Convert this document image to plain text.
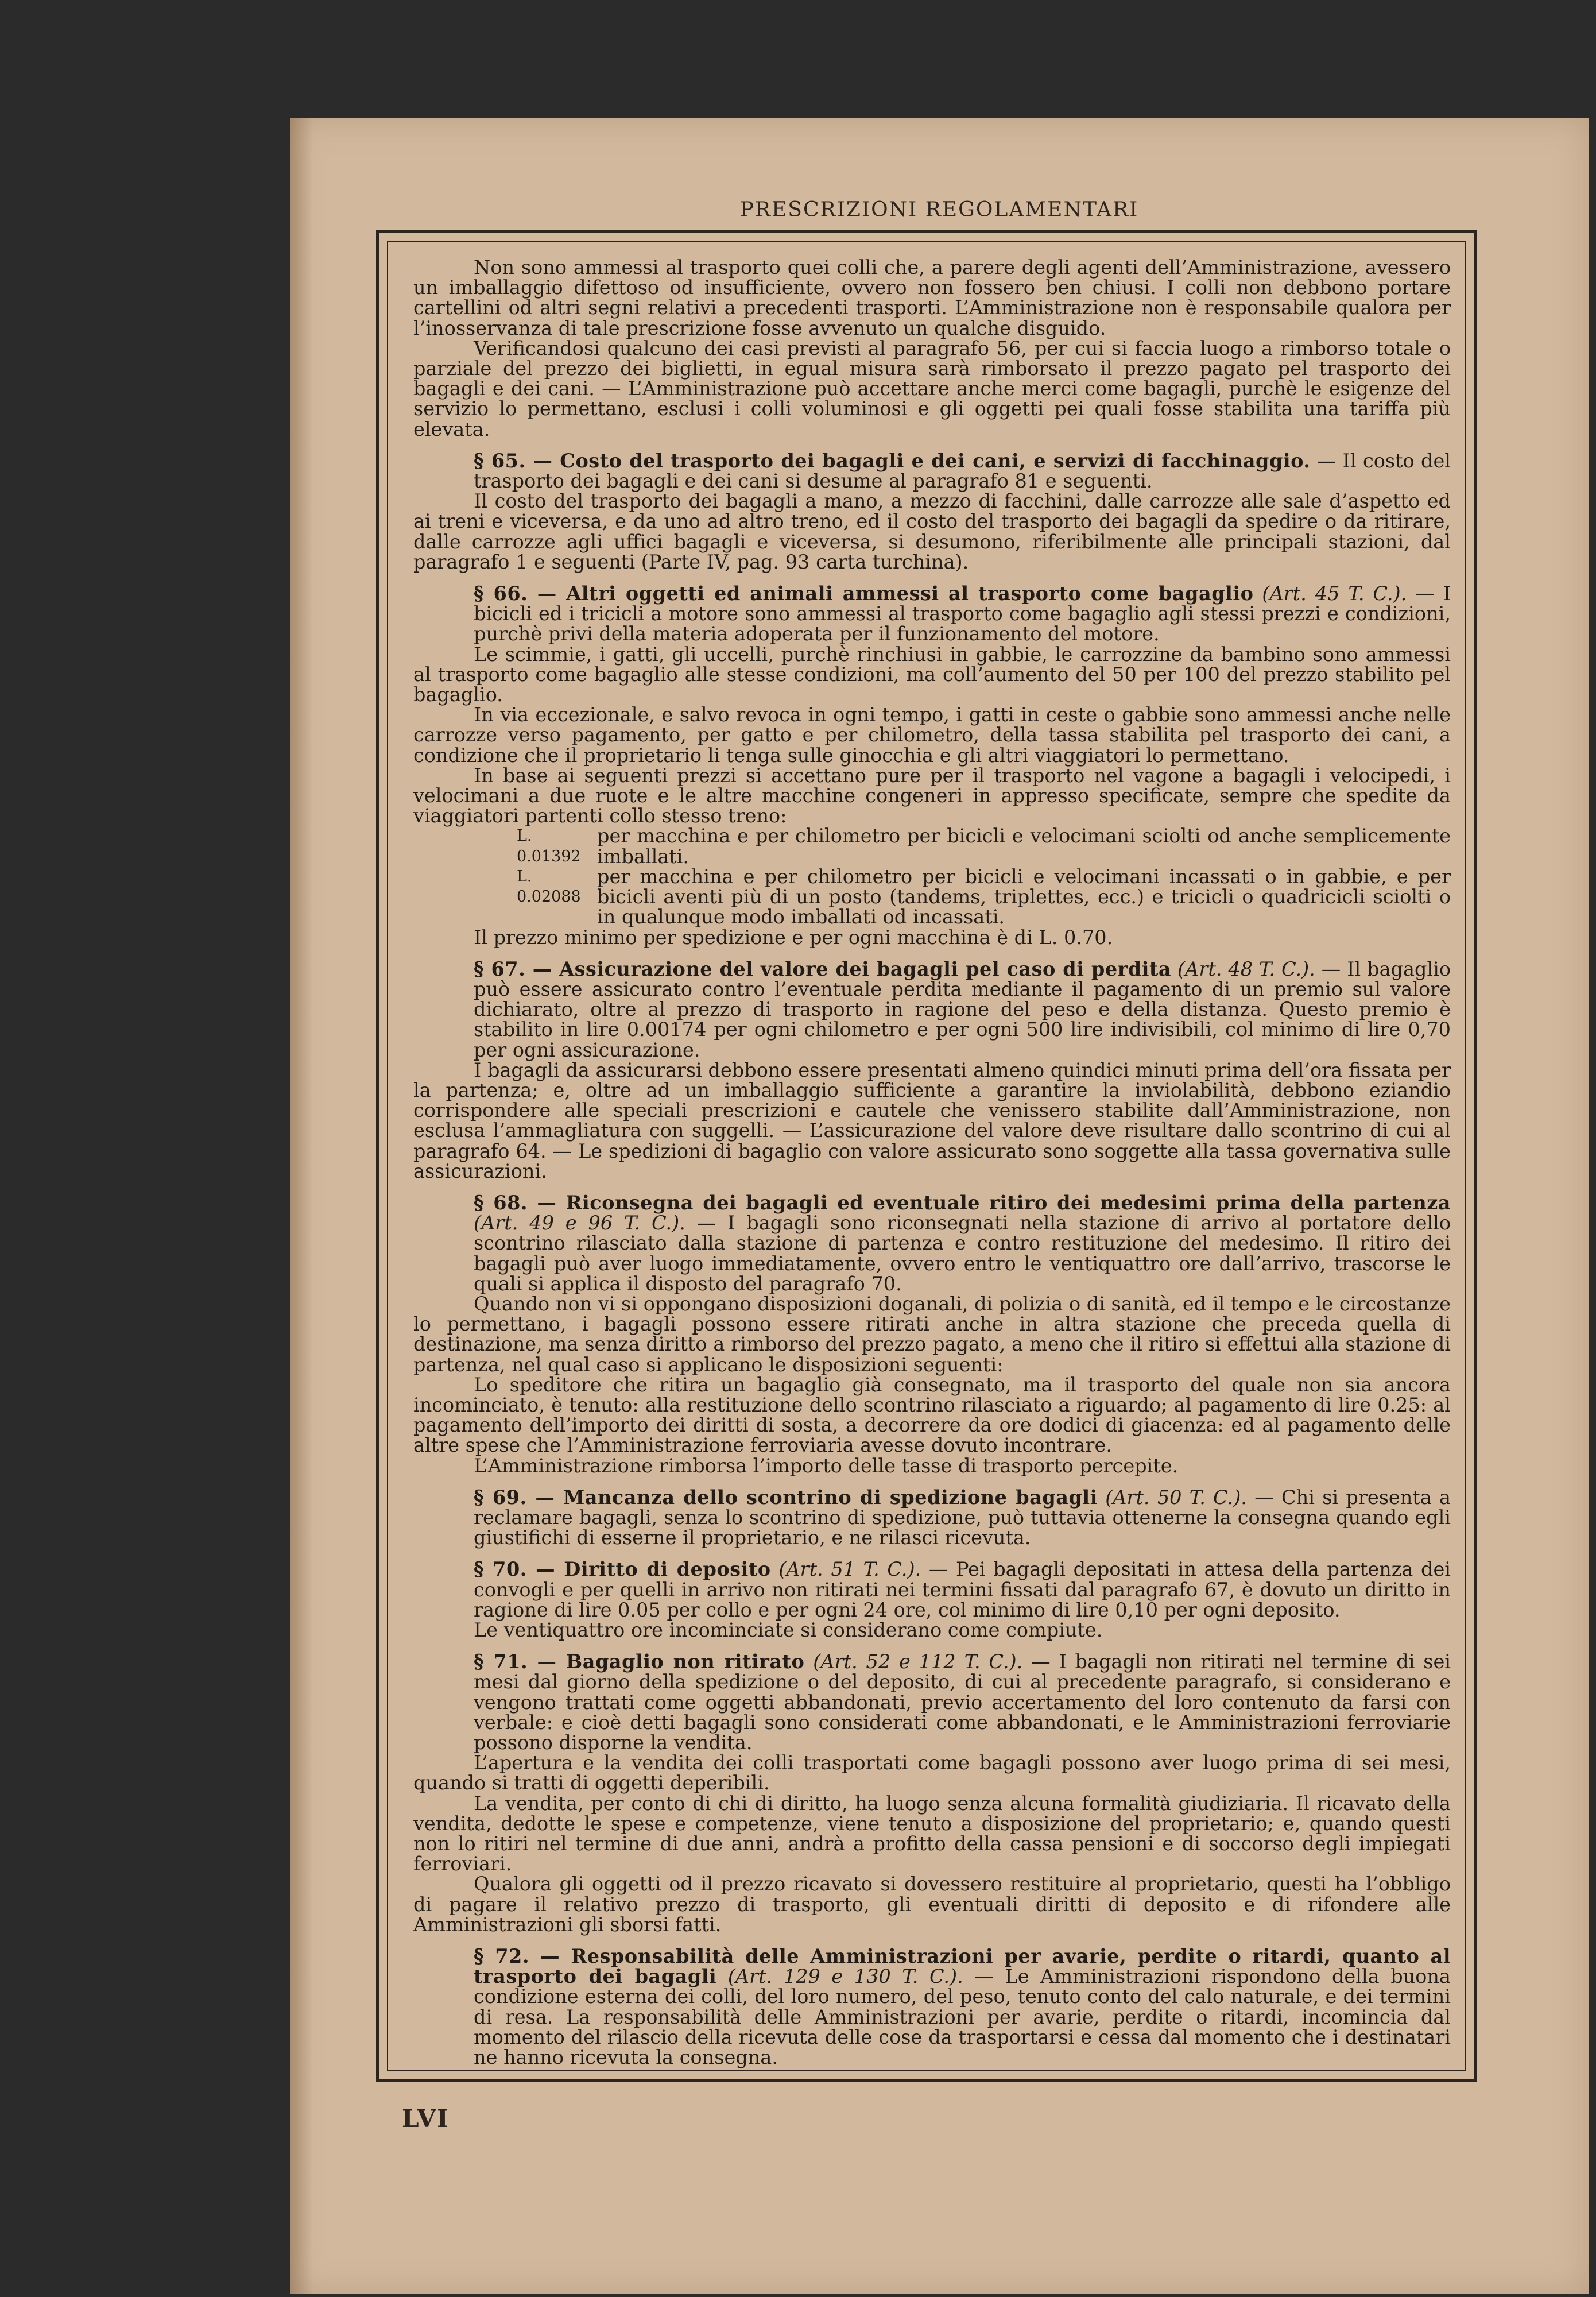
PRESCRIZIONI REGOLAMENTARI

Non sono ammessi al trasporto quei colli che, a parere degli agenti dell’Amministrazione, avessero un imballaggio difettoso od insufficiente, ovvero non fossero ben chiusi. I colli non debbono portare cartellini od altri segni relativi a precedenti trasporti. L’Amministrazione non è responsabile qualora per l’inosservanza di tale prescrizione fosse avvenuto un qualche disguido.

Verificandosi qualcuno dei casi previsti al paragrafo 56, per cui si faccia luogo a rimborso totale o parziale del prezzo dei biglietti, in egual misura sarà rimborsato il prezzo pagato pel trasporto dei bagagli e dei cani. — L’Amministrazione può accettare anche merci come bagagli, purchè le esigenze del servizio lo permettano, esclusi i colli voluminosi e gli oggetti pei quali fosse stabilita una tariffa più elevata.

§ 65. — Costo del trasporto dei bagagli e dei cani, e servizi di facchinaggio. — Il costo del trasporto dei bagagli e dei cani si desume al paragrafo 81 e seguenti.

Il costo del trasporto dei bagagli a mano, a mezzo di facchini, dalle carrozze alle sale d’aspetto ed ai treni e viceversa, e da uno ad altro treno, ed il costo del trasporto dei bagagli da spedire o da ritirare, dalle carrozze agli uffici bagagli e viceversa, si desumono, riferibilmente alle principali stazioni, dal paragrafo 1 e seguenti (Parte IV, pag. 93 carta turchina).

§ 66. — Altri oggetti ed animali ammessi al trasporto come bagaglio (Art. 45 T. C.). — I bicicli ed i tricicli a motore sono ammessi al trasporto come bagaglio agli stessi prezzi e condizioni, purchè privi della materia adoperata per il funzionamento del motore.

Le scimmie, i gatti, gli uccelli, purchè rinchiusi in gabbie, le carrozzine da bambino sono ammessi al trasporto come bagaglio alle stesse condizioni, ma coll’aumento del 50 per 100 del prezzo stabilito pel bagaglio.

In via eccezionale, e salvo revoca in ogni tempo, i gatti in ceste o gabbie sono ammessi anche nelle carrozze verso pagamento, per gatto e per chilometro, della tassa stabilita pel trasporto dei cani, a condizione che il proprietario li tenga sulle ginocchia e gli altri viaggiatori lo permettano.

In base ai seguenti prezzi si accettano pure per il trasporto nel vagone a bagagli i velocipedi, i velocimani a due ruote e le altre macchine congeneri in appresso specificate, sempre che spedite da viaggiatori partenti collo stesso treno:

L. 0.01392
per macchina e per chilometro per bicicli e velocimani sciolti od anche semplicemente imballati.
L. 0.02088
per macchina e per chilometro per bicicli e velocimani incassati o in gabbie, e per bicicli aventi più di un posto (tandems, triplettes, ecc.) e tricicli o quadricicli sciolti o in qualunque modo imballati od incassati.

Il prezzo minimo per spedizione e per ogni macchina è di L. 0.70.

§ 67. — Assicurazione del valore dei bagagli pel caso di perdita (Art. 48 T. C.). — Il bagaglio può essere assicurato contro l’eventuale perdita mediante il pagamento di un premio sul valore dichiarato, oltre al prezzo di trasporto in ragione del peso e della distanza. Questo premio è stabilito in lire 0.00174 per ogni chilometro e per ogni 500 lire indivisibili, col minimo di lire 0,70 per ogni assicurazione.

I bagagli da assicurarsi debbono essere presentati almeno quindici minuti prima dell’ora fissata per la partenza; e, oltre ad un imballaggio sufficiente a garantire la inviolabilità, debbono eziandio corrispondere alle speciali prescrizioni e cautele che venissero stabilite dall’Amministrazione, non esclusa l’ammagliatura con suggelli. — L’assicurazione del valore deve risultare dallo scontrino di cui al paragrafo 64. — Le spedizioni di bagaglio con valore assicurato sono soggette alla tassa governativa sulle assicurazioni.

§ 68. — Riconsegna dei bagagli ed eventuale ritiro dei medesimi prima della partenza (Art. 49 e 96 T. C.). — I bagagli sono riconsegnati nella stazione di arrivo al portatore dello scontrino rilasciato dalla stazione di partenza e contro restituzione del medesimo. Il ritiro dei bagagli può aver luogo immediatamente, ovvero entro le ventiquattro ore dall’arrivo, trascorse le quali si applica il disposto del paragrafo 70.

Quando non vi si oppongano disposizioni doganali, di polizia o di sanità, ed il tempo e le circostanze lo permettano, i bagagli possono essere ritirati anche in altra stazione che preceda quella di destinazione, ma senza diritto a rimborso del prezzo pagato, a meno che il ritiro si effettui alla stazione di partenza, nel qual caso si applicano le disposizioni seguenti:

Lo speditore che ritira un bagaglio già consegnato, ma il trasporto del quale non sia ancora incominciato, è tenuto: alla restituzione dello scontrino rilasciato a riguardo; al pagamento di lire 0.25: al pagamento dell’importo dei diritti di sosta, a decorrere da ore dodici di giacenza: ed al pagamento delle altre spese che l’Amministrazione ferroviaria avesse dovuto incontrare.

L’Amministrazione rimborsa l’importo delle tasse di trasporto percepite.

§ 69. — Mancanza dello scontrino di spedizione bagagli (Art. 50 T. C.). — Chi si presenta a reclamare bagagli, senza lo scontrino di spedizione, può tuttavia ottenerne la consegna quando egli giustifichi di esserne il proprietario, e ne rilasci ricevuta.

§ 70. — Diritto di deposito (Art. 51 T. C.). — Pei bagagli depositati in attesa della partenza dei convogli e per quelli in arrivo non ritirati nei termini fissati dal paragrafo 67, è dovuto un diritto in ragione di lire 0.05 per collo e per ogni 24 ore, col minimo di lire 0,10 per ogni deposito.

Le ventiquattro ore incominciate si considerano come compiute.

§ 71. — Bagaglio non ritirato (Art. 52 e 112 T. C.). — I bagagli non ritirati nel termine di sei mesi dal giorno della spedizione o del deposito, di cui al precedente paragrafo, si considerano e vengono trattati come oggetti abbandonati, previo accertamento del loro contenuto da farsi con verbale: e cioè detti bagagli sono considerati come abbandonati, e le Amministrazioni ferroviarie possono disporne la vendita.

L’apertura e la vendita dei colli trasportati come bagagli possono aver luogo prima di sei mesi, quando si tratti di oggetti deperibili.

La vendita, per conto di chi di diritto, ha luogo senza alcuna formalità giudiziaria. Il ricavato della vendita, dedotte le spese e competenze, viene tenuto a disposizione del proprietario; e, quando questi non lo ritiri nel termine di due anni, andrà a profitto della cassa pensioni e di soccorso degli impiegati ferroviari.

Qualora gli oggetti od il prezzo ricavato si dovessero restituire al proprietario, questi ha l’obbligo di pagare il relativo prezzo di trasporto, gli eventuali diritti di deposito e di rifondere alle Amministrazioni gli sborsi fatti.

§ 72. — Responsabilità delle Amministrazioni per avarie, perdite o ritardi, quanto al trasporto dei bagagli (Art. 129 e 130 T. C.). — Le Amministrazioni rispondono della buona condizione esterna dei colli, del loro numero, del peso, tenuto conto del calo naturale, e dei termini di resa. La responsabilità delle Amministrazioni per avarie, perdite o ritardi, incomincia dal momento del rilascio della ricevuta delle cose da trasportarsi e cessa dal momento che i destinatari ne hanno ricevuta la consegna.

LVI
